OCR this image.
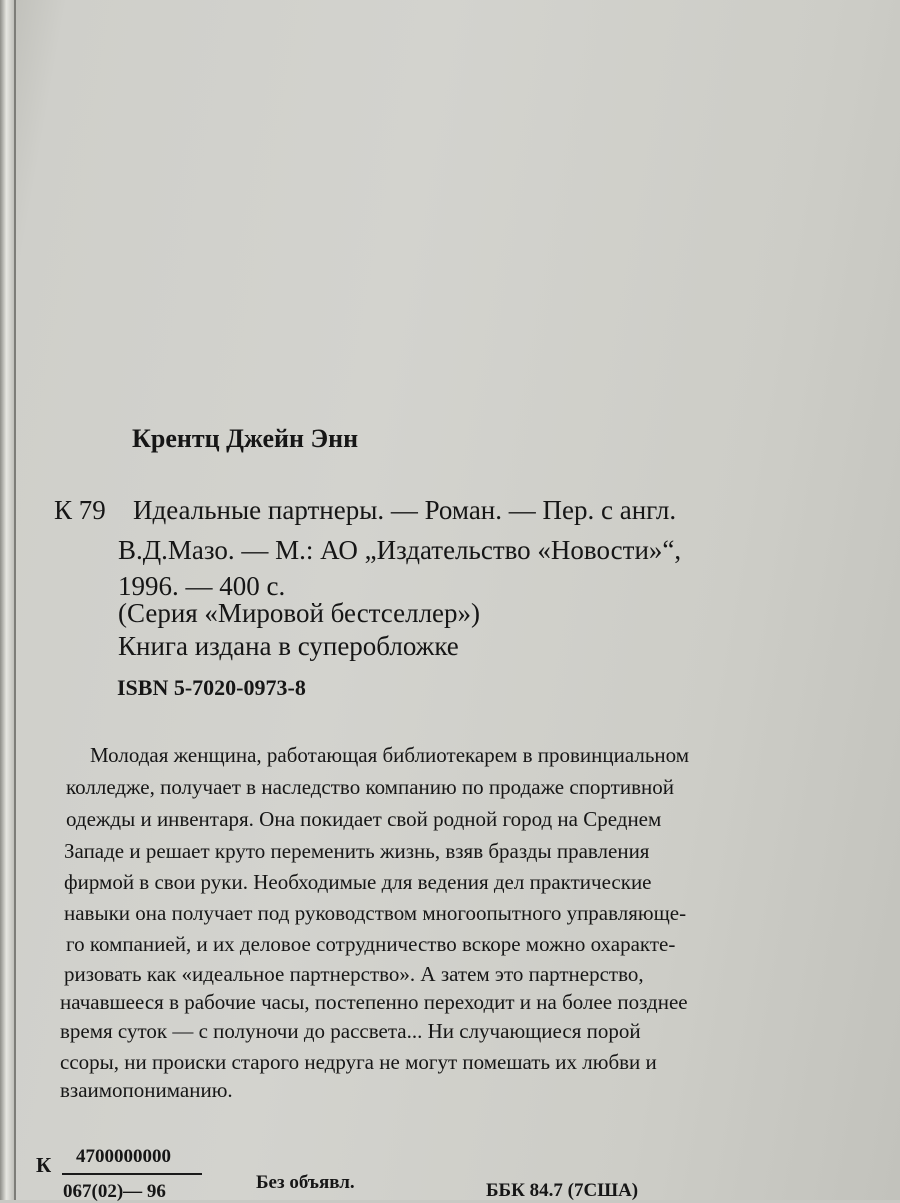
Крентц Джейн Энн

К 79 Идеальные партнеры. — Роман. — Пер. с англ.

В.Д.Мазо. — М.: АО „Издательство «Новости»“,

1996. — 400 с.

(Серия «Мировой бестселлер»)

Книга издана в суперобложке

ISBN 5-7020-0973-8

Молодая женщина, работающая библиотекарем в провинциальном

колледже, получает в наследство компанию по продаже спортивной

одежды и инвентаря. Она покидает свой родной город на Среднем

Западе и решает круто переменить жизнь, взяв бразды правления

фирмой в свои руки. Необходимые для ведения дел практические

навыки она получает под руководством многоопытного управляюще-

го компанией, и их деловое сотрудничество вскоре можно охаракте-

ризовать как «идеальное партнерство». А затем это партнерство,

начавшееся в рабочие часы, постепенно переходит и на более позднее

время суток — с полуночи до рассвета... Ни случающиеся порой

ссоры, ни происки старого недруга не могут помешать их любви и

взаимопониманию.

К 4700000000

067(02)— 96	Без объявл.	ББК 84.7 (7США)
